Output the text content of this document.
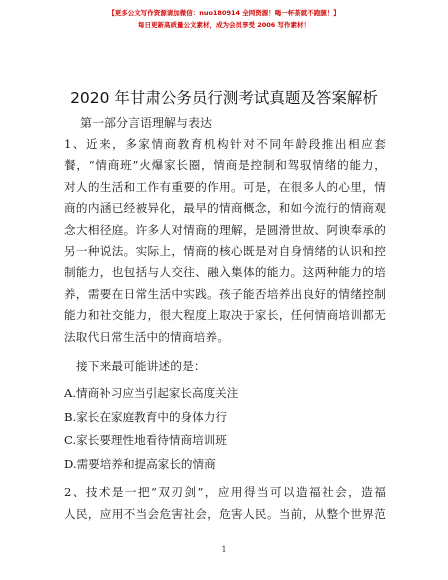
【更多公文写作资源请加微信：nuo180914 全网资源！喝一杯茶就不跑腿！】
每日更新高质量公文素材，成为会员享受 2006 写作素材！
2020 年甘肃公务员行测考试真题及答案解析
第一部分言语理解与表达

1、近来，多家情商教育机构针对不同年龄段推出相应套
餐，“情商班”火爆家长圈，情商是控制和驾驭情绪的能力，
对人的生活和工作有重要的作用。可是，在很多人的心里，情
商的内涵已经被异化，最早的情商概念，和如今流行的情商观
念大相径庭。许多人对情商的理解，是圆滑世故、阿谀奉承的
另一种说法。实际上，情商的核心既是对自身情绪的认识和控
制能力，也包括与人交往、融入集体的能力。这两种能力的培
养，需要在日常生活中实践。孩子能否培养出良好的情绪控制
能力和社交能力，很大程度上取决于家长，任何情商培训都无
法取代日常生活中的情商培养。

接下来最可能讲述的是：

A.情商补习应当引起家长高度关注

B.家长在家庭教育中的身体力行

C.家长要理性地看待情商培训班

D.需要培养和提高家长的情商

2、技术是一把“双刃剑”，应用得当可以造福社会，造福
人民，应用不当会危害社会，危害人民。当前，从整个世界范

1
